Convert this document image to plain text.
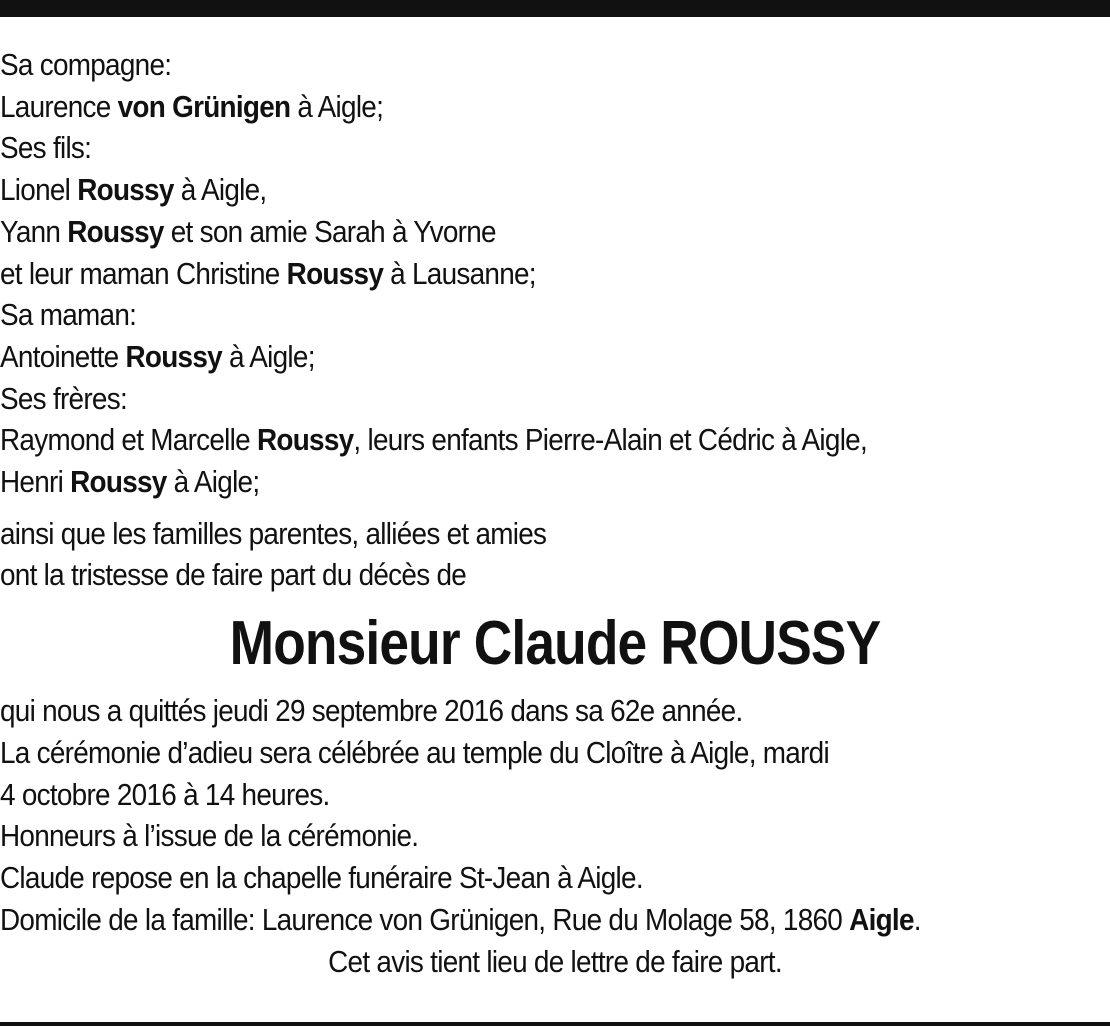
Sa compagne:
Laurence von Grünigen à Aigle;
Ses fils:
Lionel Roussy à Aigle,
Yann Roussy et son amie Sarah à Yvorne
et leur maman Christine Roussy à Lausanne;
Sa maman:
Antoinette Roussy à Aigle;
Ses frères:
Raymond et Marcelle Roussy, leurs enfants Pierre-Alain et Cédric à Aigle,
Henri Roussy à Aigle;
ainsi que les familles parentes, alliées et amies
ont la tristesse de faire part du décès de
Monsieur Claude ROUSSY
qui nous a quittés jeudi 29 septembre 2016 dans sa 62e année.
La cérémonie d’adieu sera célébrée au temple du Cloître à Aigle, mardi
4 octobre 2016 à 14 heures.
Honneurs à l’issue de la cérémonie.
Claude repose en la chapelle funéraire St-Jean à Aigle.
Domicile de la famille: Laurence von Grünigen, Rue du Molage 58, 1860 Aigle.
Cet avis tient lieu de lettre de faire part.
